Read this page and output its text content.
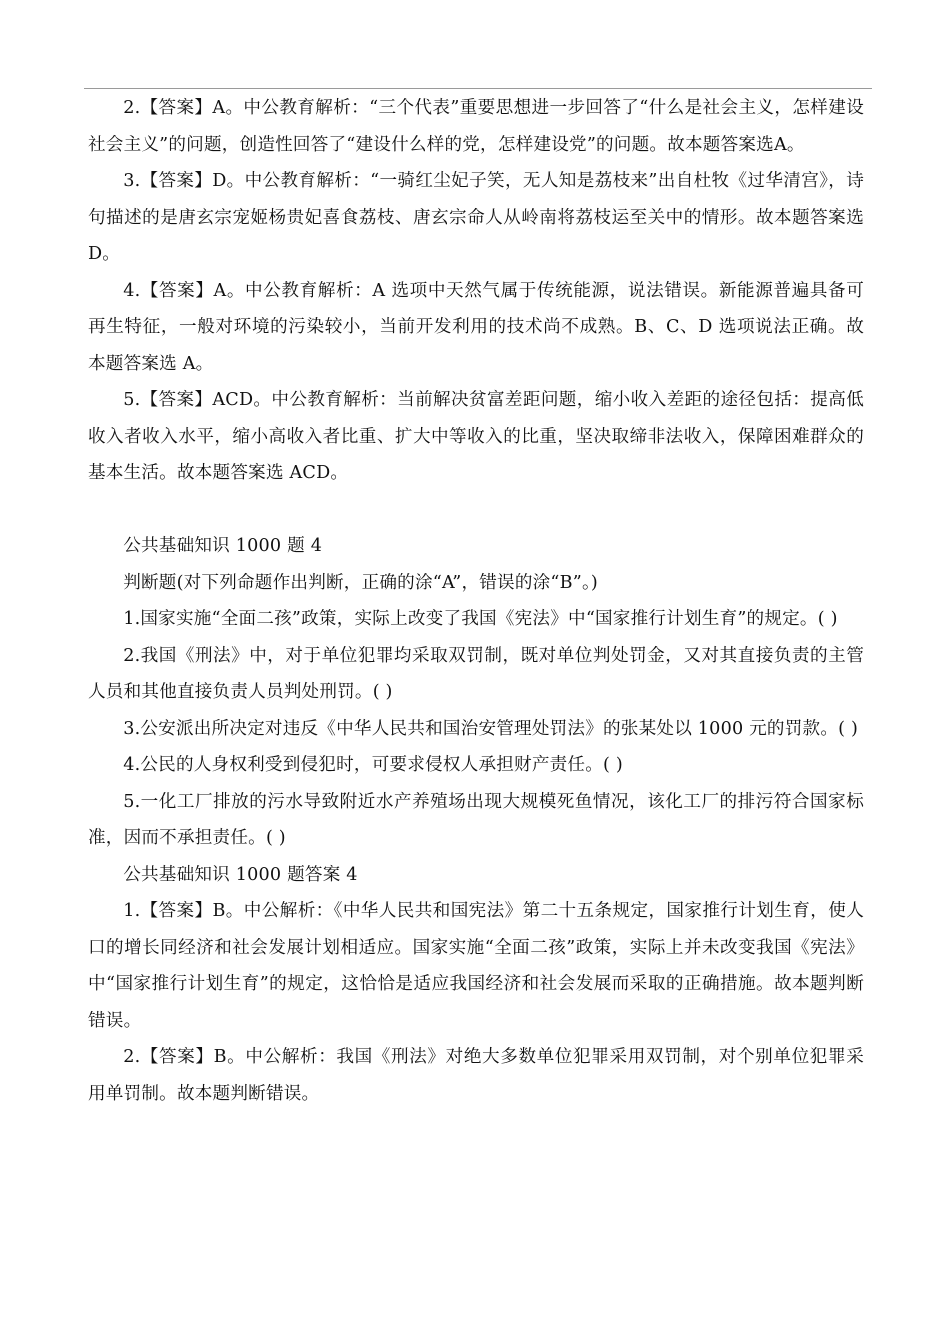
2.【答案】A。中公教育解析：“三个代表”重要思想进一步回答了“什么是社会主义，怎样建设社会主义”的问题，创造性回答了“建设什么样的党，怎样建设党”的问题。故本题答案选A。

3.【答案】D。中公教育解析：“一骑红尘妃子笑，无人知是荔枝来”出自杜牧《过华清宫》，诗句描述的是唐玄宗宠姬杨贵妃喜食荔枝、唐玄宗命人从岭南将荔枝运至关中的情形。故本题答案选 D。

4.【答案】A。中公教育解析：A 选项中天然气属于传统能源，说法错误。新能源普遍具备可再生特征，一般对环境的污染较小，当前开发利用的技术尚不成熟。B、C、D 选项说法正确。故本题答案选 A。

5.【答案】ACD。中公教育解析：当前解决贫富差距问题，缩小收入差距的途径包括：提高低收入者收入水平，缩小高收入者比重、扩大中等收入的比重，坚决取缔非法收入，保障困难群众的基本生活。故本题答案选 ACD。

公共基础知识 1000 题 4

判断题(对下列命题作出判断，正确的涂“A”，错误的涂“B”。)

1.国家实施“全面二孩”政策，实际上改变了我国《宪法》中“国家推行计划生育”的规定。( )

2.我国《刑法》中，对于单位犯罪均采取双罚制，既对单位判处罚金，又对其直接负责的主管人员和其他直接负责人员判处刑罚。( )

3.公安派出所决定对违反《中华人民共和国治安管理处罚法》的张某处以 1000 元的罚款。( )

4.公民的人身权利受到侵犯时，可要求侵权人承担财产责任。( )

5.一化工厂排放的污水导致附近水产养殖场出现大规模死鱼情况，该化工厂的排污符合国家标准，因而不承担责任。( )

公共基础知识 1000 题答案 4

1.【答案】B。中公解析：《中华人民共和国宪法》第二十五条规定，国家推行计划生育，使人口的增长同经济和社会发展计划相适应。国家实施“全面二孩”政策，实际上并未改变我国《宪法》中“国家推行计划生育”的规定，这恰恰是适应我国经济和社会发展而采取的正确措施。故本题判断错误。

2.【答案】B。中公解析：我国《刑法》对绝大多数单位犯罪采用双罚制，对个别单位犯罪采用单罚制。故本题判断错误。
